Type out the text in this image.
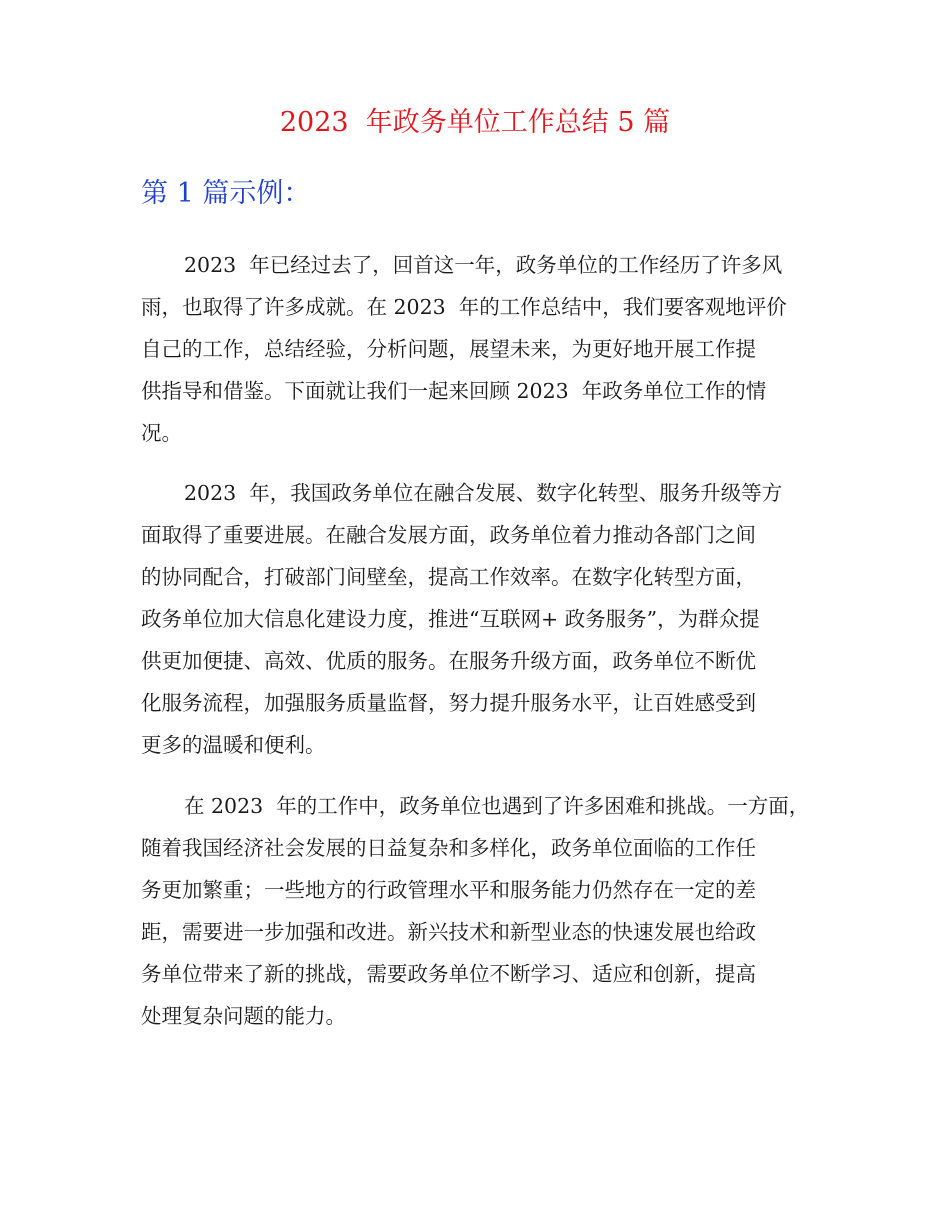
2023  年政务单位工作总结 5 篇
第 1 篇示例：
2023  年已经过去了，回首这一年，政务单位的工作经历了许多风
雨，也取得了许多成就。在 2023  年的工作总结中，我们要客观地评价
自己的工作，总结经验，分析问题，展望未来，为更好地开展工作提
供指导和借鉴。下面就让我们一起来回顾 2023  年政务单位工作的情
况。
2023  年，我国政务单位在融合发展、数字化转型、服务升级等方
面取得了重要进展。在融合发展方面，政务单位着力推动各部门之间
的协同配合，打破部门间壁垒，提高工作效率。在数字化转型方面，
政务单位加大信息化建设力度，推进“互联网+ 政务服务”，为群众提
供更加便捷、高效、优质的服务。在服务升级方面，政务单位不断优
化服务流程，加强服务质量监督，努力提升服务水平，让百姓感受到
更多的温暖和便利。
在 2023  年的工作中，政务单位也遇到了许多困难和挑战。一方面，
随着我国经济社会发展的日益复杂和多样化，政务单位面临的工作任
务更加繁重；一些地方的行政管理水平和服务能力仍然存在一定的差
距，需要进一步加强和改进。新兴技术和新型业态的快速发展也给政
务单位带来了新的挑战，需要政务单位不断学习、适应和创新，提高
处理复杂问题的能力。
